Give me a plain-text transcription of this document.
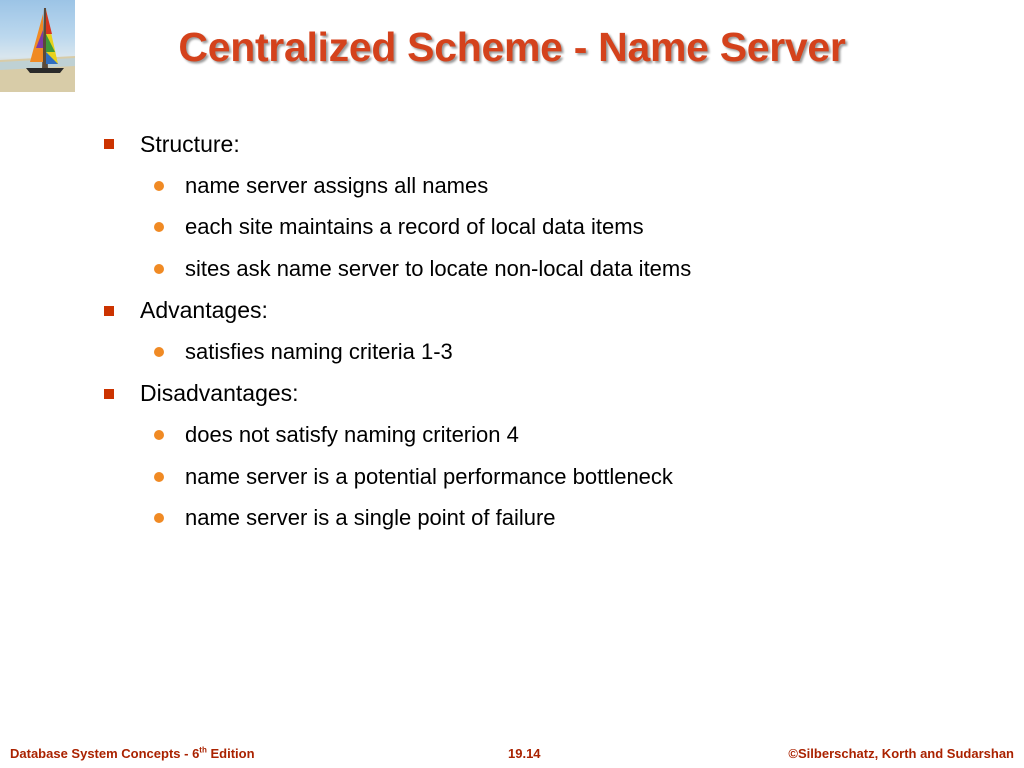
Centralized Scheme - Name Server
Structure:
name server assigns all names
each site maintains a record of local data items
sites ask name server to locate non-local data items
Advantages:
satisfies naming criteria 1-3
Disadvantages:
does not satisfy naming criterion 4
name server is a potential performance bottleneck
name server is a single point of failure
Database System Concepts - 6th Edition	19.14	©Silberschatz, Korth and Sudarshan
